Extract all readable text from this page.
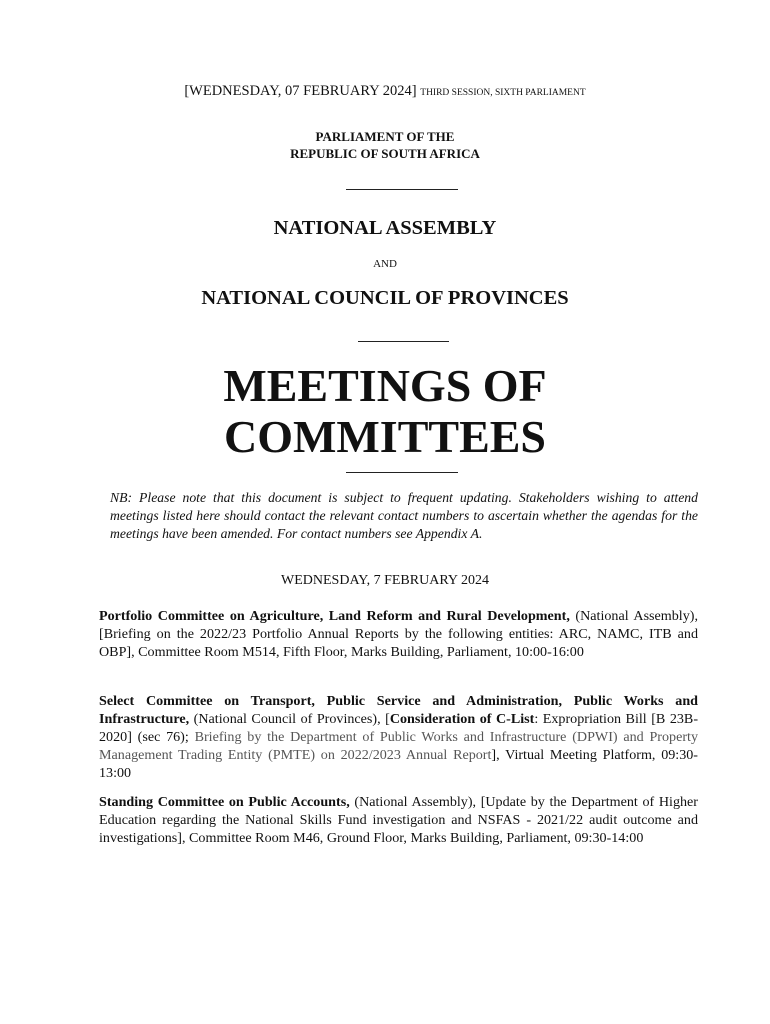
[WEDNESDAY, 07 FEBRUARY 2024] THIRD SESSION, SIXTH PARLIAMENT
PARLIAMENT OF THE
REPUBLIC OF SOUTH AFRICA
NATIONAL ASSEMBLY
AND
NATIONAL COUNCIL OF PROVINCES
MEETINGS OF
COMMITTEES
NB: Please note that this document is subject to frequent updating. Stakeholders wishing to attend meetings listed here should contact the relevant contact numbers to ascertain whether the agendas for the meetings have been amended. For contact numbers see Appendix A.
WEDNESDAY, 7 FEBRUARY 2024
Portfolio Committee on Agriculture, Land Reform and Rural Development, (National Assembly), [Briefing on the 2022/23 Portfolio Annual Reports by the following entities: ARC, NAMC, ITB and OBP], Committee Room M514, Fifth Floor, Marks Building, Parliament, 10:00-16:00
Select Committee on Transport, Public Service and Administration, Public Works and Infrastructure, (National Council of Provinces), [Consideration of C-List: Expropriation Bill [B 23B-2020] (sec 76); Briefing by the Department of Public Works and Infrastructure (DPWI) and Property Management Trading Entity (PMTE) on 2022/2023 Annual Report], Virtual Meeting Platform, 09:30-13:00
Standing Committee on Public Accounts, (National Assembly), [Update by the Department of Higher Education regarding the National Skills Fund investigation and NSFAS - 2021/22 audit outcome and investigations], Committee Room M46, Ground Floor, Marks Building, Parliament, 09:30-14:00
